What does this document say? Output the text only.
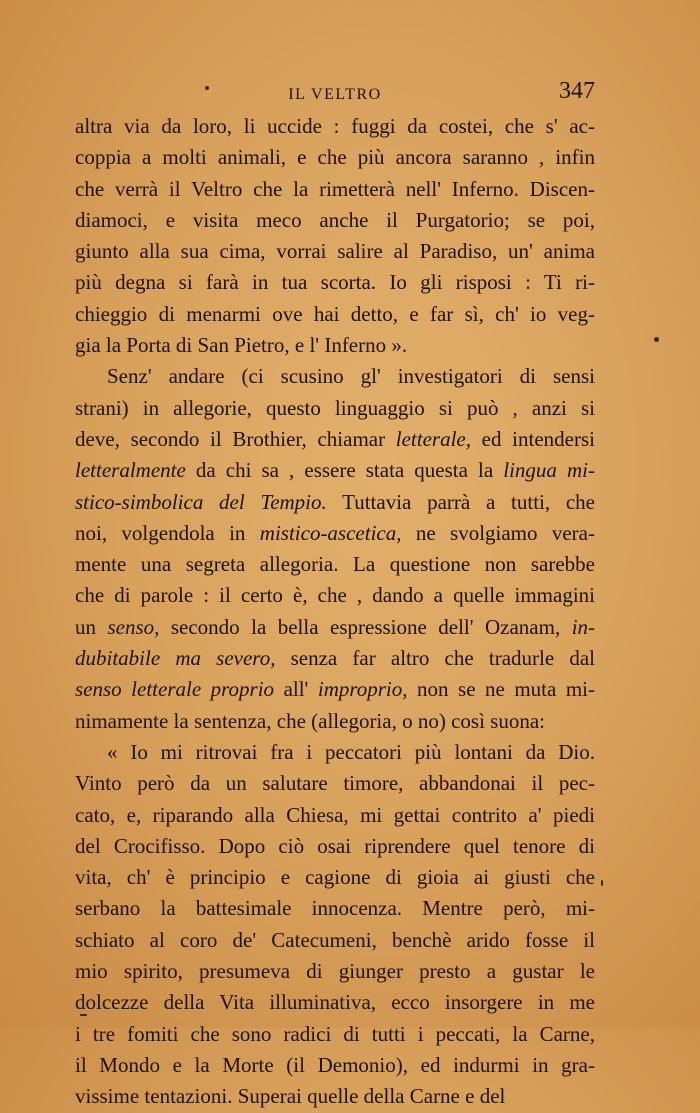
IL VELTRO	347
altra via da loro, li uccide : fuggi da costei, che s' ac-
coppia a molti animali, e che più ancora saranno , infin
che verrà il Veltro che la rimetterà nell' Inferno. Discen-
diamoci, e visita meco anche il Purgatorio; se poi,
giunto alla sua cima, vorrai salire al Paradiso, un' anima
più degna si farà in tua scorta. Io gli risposi : Ti ri-
chieggio di menarmi ove hai detto, e far sì, ch' io veg-
gia la Porta di San Pietro, e l' Inferno ».
Senz' andare (ci scusino gl' investigatori di sensi
strani) in allegorie, questo linguaggio si può , anzi si
deve, secondo il Brothier, chiamar letterale, ed intendersi
letteralmente da chi sa , essere stata questa la lingua mi-
stico-simbolica del Tempio. Tuttavia parrà a tutti, che
noi, volgendola in mistico-ascetica, ne svolgiamo vera-
mente una segreta allegoria. La questione non sarebbe
che di parole : il certo è, che , dando a quelle immagini
un senso, secondo la bella espressione dell' Ozanam, in-
dubitabile ma severo, senza far altro che tradurle dal
senso letterale proprio all' improprio, non se ne muta mi-
nimamente la sentenza, che (allegoria, o no) così suona:
« Io mi ritrovai fra i peccatori più lontani da Dio.
Vinto però da un salutare timore, abbandonai il pec-
cato, e, riparando alla Chiesa, mi gettai contrito a' piedi
del Crocifisso. Dopo ciò osai riprendere quel tenore di
vita, ch' è principio e cagione di gioia ai giusti che
serbano la battesimale innocenza. Mentre però, mi-
schiato al coro de' Catecumeni, benchè arido fosse il
mio spirito, presumeva di giunger presto a gustar le
dolcezze della Vita illuminativa, ecco insorgere in me
i tre fomiti che sono radici di tutti i peccati, la Carne,
il Mondo e la Morte (il Demonio), ed indurmi in gra-
vissime tentazioni. Superai quelle della Carne e del
